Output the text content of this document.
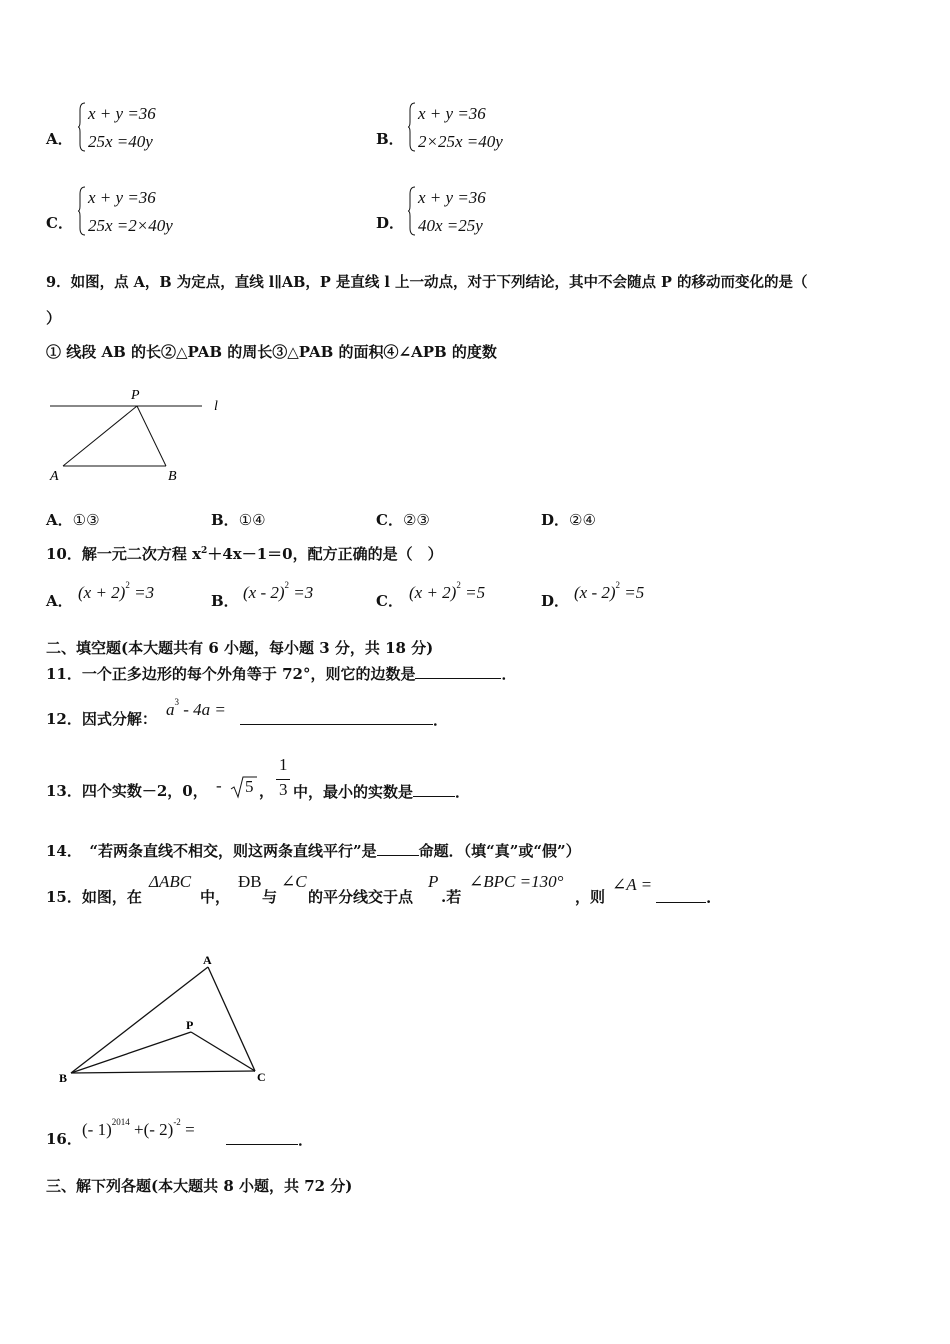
A．
x + y =36
25x =40y	B．
x + y =36
2×25x =40y
C．
x + y =36
25x =2×40y	D．
x + y =36
40x =25y
9．如图，点 A，B 为定点，直线 l∥AB，P 是直线 l 上一动点，对于下列结论，其中不会随点 P 的移动而变化的是（
）
① 线段 AB 的长②△PAB 的周长③△PAB 的面积④∠APB 的度数
P
l
A	B
A．①③	B．①④	C．②③	D．②④
10．解一元二次方程 $x^2+4x-1=0$，配方正确的是（　）
A． $(x + 2)^2 =3$	B． (x - 2)$^2$ =3	C． $(x + 2)^2 =5$	D． (x - 2)$^2$ =5
二、填空题(本大题共有 6 小题，每小题 3 分，共 18 分)
11．一个正多边形的每个外角等于 72°，则它的边数是	．
12．因式分解： $a^3 - 4a$ =
．
13．四个实数－2，0， - 5 ，
1
3 中，最小的实数是	．
14．　“若两条直线不相交，则这两条直线平行”是	命题．（填“真”或“假”）
15．如图，在
ΔABC
中，
ÐB
与
∠C
的平分线交于点
P
.若
∠BPC =130°
，则
∠A =
.
A
P
B	C
16． (- 1)$^{2014}$ +(- 2)$^{-2}$ =
．
三、解下列各题(本大题共 8 小题，共 72 分)
